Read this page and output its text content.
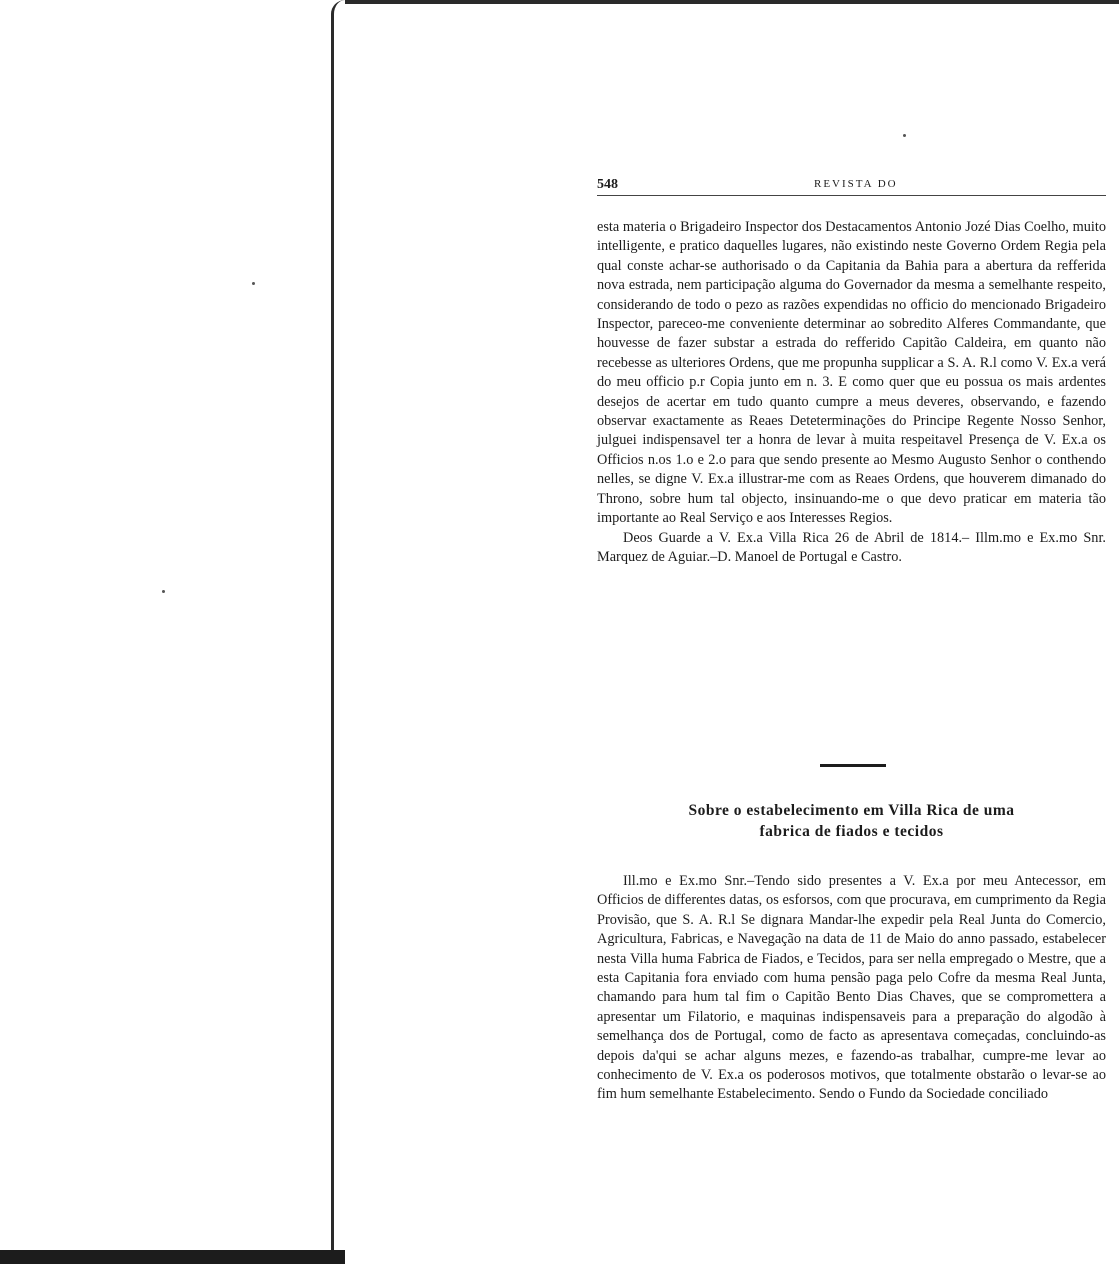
548	REVISTA DO

esta materia o Brigadeiro Inspector dos Destacamentos Antonio Jozé Dias Coelho, muito intelligente, e pratico daquelles lugares, não existindo neste Governo Ordem Regia pela qual conste achar-se authorisado o da Capitania da Bahia para a abertura da refferida nova estrada, nem participação alguma do Governador da mesma a semelhante respeito, considerando de todo o pezo as razões expendidas no officio do mencionado Brigadeiro Inspector, pareceo-me conveniente determinar ao sobredito Alferes Commandante, que houvesse de fazer substar a estrada do refferido Capitão Caldeira, em quanto não recebesse as ulteriores Ordens, que me propunha supplicar a S. A. R.l como V. Ex.a verá do meu officio p.r Copia junto em n. 3. E como quer que eu possua os mais ardentes desejos de acertar em tudo quanto cumpre a meus deveres, observando, e fazendo observar exactamente as Reaes Deteterminações do Principe Regente Nosso Senhor, julguei indispensavel ter a honra de levar à muita respeitavel Presença de V. Ex.a os Officios n.os 1.o e 2.o para que sendo presente ao Mesmo Augusto Senhor o conthendo nelles, se digne V. Ex.a illustrar-me com as Reaes Ordens, que houverem dimanado do Throno, sobre hum tal objecto, insinuando-me o que devo praticar em materia tão importante ao Real Serviço e aos Interesses Regios.

Deos Guarde a V. Ex.a Villa Rica 26 de Abril de 1814.– Illm.mo e Ex.mo Snr. Marquez de Aguiar.–D. Manoel de Portugal e Castro.

Sobre o estabelecimento em Villa Rica de uma
fabrica de fiados e tecidos

Ill.mo e Ex.mo Snr.–Tendo sido presentes a V. Ex.a por meu Antecessor, em Officios de differentes datas, os esforsos, com que procurava, em cumprimento da Regia Provisão, que S. A. R.l Se dignara Mandar-lhe expedir pela Real Junta do Comercio, Agricultura, Fabricas, e Navegação na data de 11 de Maio do anno passado, estabelecer nesta Villa huma Fabrica de Fiados, e Tecidos, para ser nella empregado o Mestre, que a esta Capitania fora enviado com huma pensão paga pelo Cofre da mesma Real Junta, chamando para hum tal fim o Capitão Bento Dias Chaves, que se compromettera a apresentar um Filatorio, e maquinas indispensaveis para a preparação do algodão à semelhança dos de Portugal, como de facto as apresentava começadas, concluindo-as depois da'qui se achar alguns mezes, e fazendo-as trabalhar, cumpre-me levar ao conhecimento de V. Ex.a os poderosos motivos, que totalmente obstarão o levar-se ao fim hum semelhante Estabelecimento. Sendo o Fundo da Sociedade conciliado
